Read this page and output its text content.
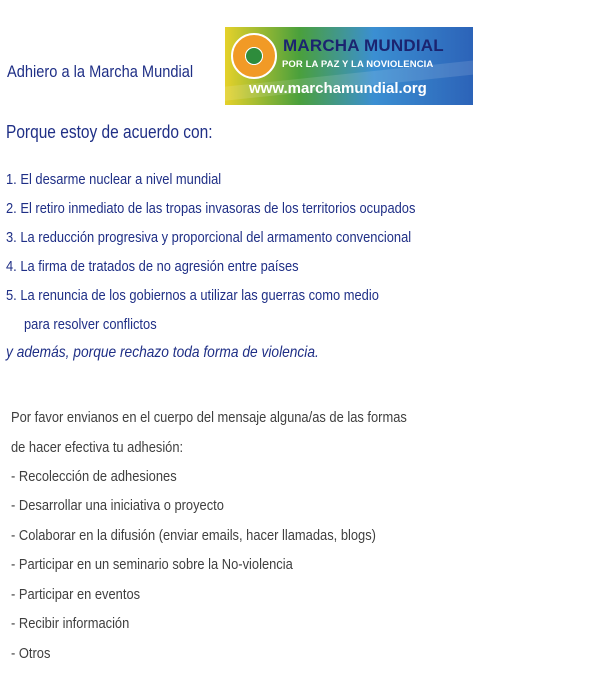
Adhiero a la Marcha Mundial
MARCHA MUNDIAL
POR LA PAZ Y LA NOVIOLENCIA
www.marchamundial.org
Porque estoy de acuerdo con:
1. El desarme nuclear a nivel mundial
2. El retiro inmediato de las tropas invasoras de los territorios ocupados
3. La reducción progresiva y proporcional del armamento convencional
4. La firma de tratados de no agresión entre países
5. La renuncia de los gobiernos a utilizar las guerras como medio
para resolver conflictos
y además, porque rechazo toda forma de violencia.
Por favor envianos en el cuerpo del mensaje alguna/as de las formas
de hacer efectiva tu adhesión:
- Recolección de adhesiones
- Desarrollar una iniciativa o proyecto
- Colaborar en la difusión (enviar emails, hacer llamadas, blogs)
- Participar en un seminario sobre la No-violencia
- Participar en eventos
- Recibir información
- Otros
